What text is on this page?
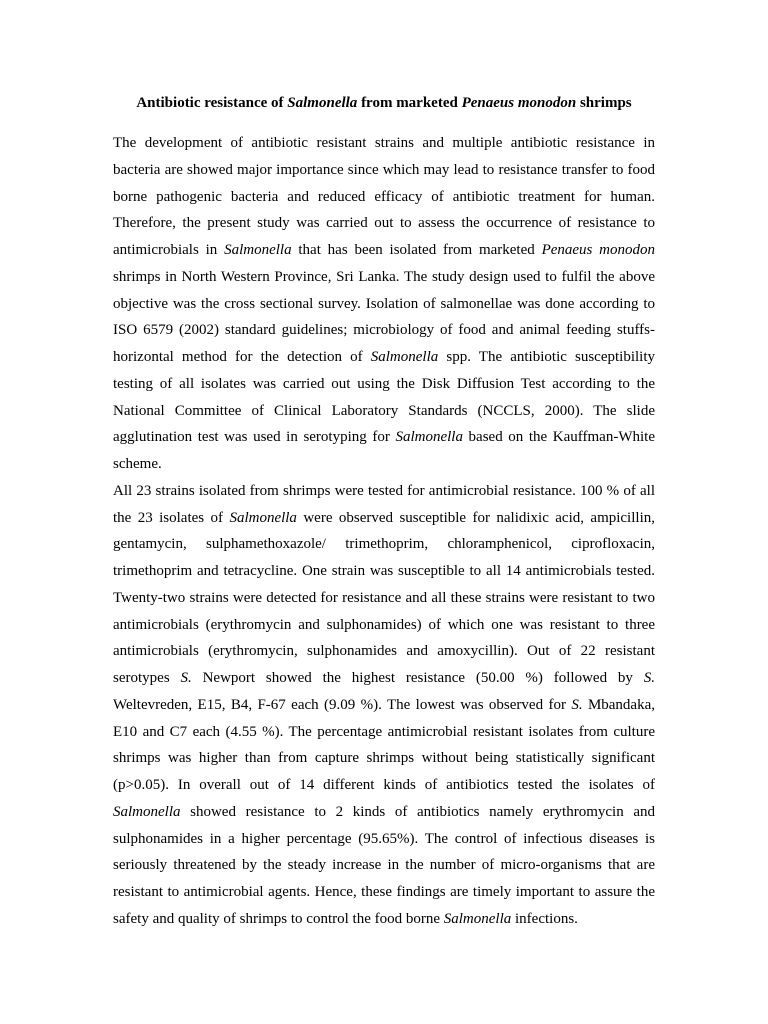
Antibiotic resistance of Salmonella from marketed Penaeus monodon shrimps
The development of antibiotic resistant strains and multiple antibiotic resistance in
bacteria are showed major importance since which may lead to resistance transfer to food
borne pathogenic bacteria and reduced efficacy of antibiotic treatment for human.
Therefore, the present study was carried out to assess the occurrence of resistance to
antimicrobials in Salmonella that has been isolated from marketed Penaeus monodon
shrimps in North Western Province, Sri Lanka. The study design used to fulfil the above
objective was the cross sectional survey. Isolation of salmonellae was done according to
ISO 6579 (2002) standard guidelines; microbiology of food and animal feeding stuffs-
horizontal method for the detection of Salmonella spp. The antibiotic susceptibility
testing of all isolates was carried out using the Disk Diffusion Test according to the
National Committee of Clinical Laboratory Standards (NCCLS, 2000). The slide
agglutination test was used in serotyping for Salmonella based on the Kauffman-White
scheme.
All 23 strains isolated from shrimps were tested for antimicrobial resistance. 100 % of all
the 23 isolates of Salmonella were observed susceptible for nalidixic acid, ampicillin,
gentamycin, sulphamethoxazole/ trimethoprim, chloramphenicol, ciprofloxacin,
trimethoprim and tetracycline. One strain was susceptible to all 14 antimicrobials tested.
Twenty-two strains were detected for resistance and all these strains were resistant to two
antimicrobials (erythromycin and sulphonamides) of which one was resistant to three
antimicrobials (erythromycin, sulphonamides and amoxycillin). Out of 22 resistant
serotypes S. Newport showed the highest resistance (50.00 %) followed by S.
Weltevreden, E15, B4, F-67 each (9.09 %). The lowest was observed for S. Mbandaka,
E10 and C7 each (4.55 %). The percentage antimicrobial resistant isolates from culture
shrimps was higher than from capture shrimps without being statistically significant
(p>0.05). In overall out of 14 different kinds of antibiotics tested the isolates of
Salmonella showed resistance to 2 kinds of antibiotics namely erythromycin and
sulphonamides in a higher percentage (95.65%). The control of infectious diseases is
seriously threatened by the steady increase in the number of micro-organisms that are
resistant to antimicrobial agents. Hence, these findings are timely important to assure the
safety and quality of shrimps to control the food borne Salmonella infections.
